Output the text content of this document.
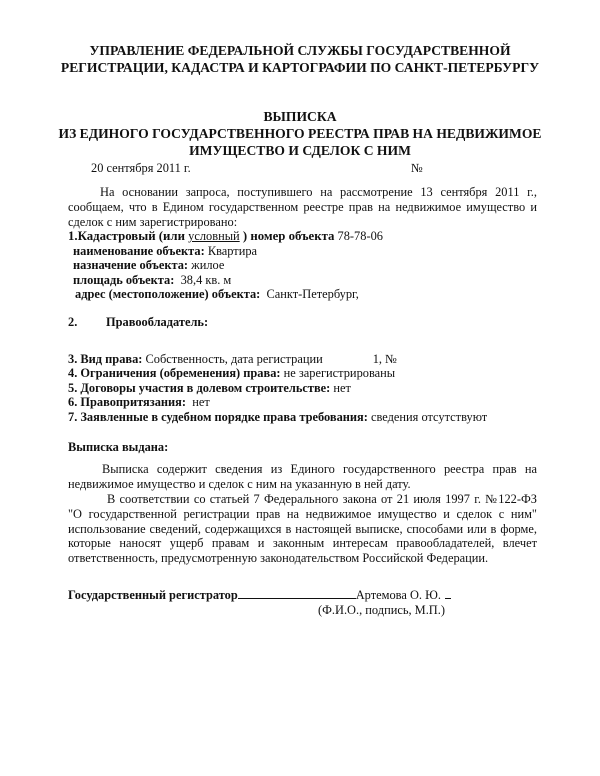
УПРАВЛЕНИЕ ФЕДЕРАЛЬНОЙ СЛУЖБЫ ГОСУДАРСТВЕННОЙ
РЕГИСТРАЦИИ, КАДАСТРА И КАРТОГРАФИИ ПО САНКТ-ПЕТЕРБУРГУ
ВЫПИСКА
ИЗ ЕДИНОГО ГОСУДАРСТВЕННОГО РЕЕСТРА ПРАВ НА НЕДВИЖИМОЕ
ИМУЩЕСТВО И СДЕЛОК С НИМ
20 сентября 2011 г.	№
На основании запроса, поступившего на рассмотрение 13 сентября 2011 г., сообщаем, что в Едином государственном реестре прав на недвижимое имущество и сделок с ним зарегистрировано:
1.Кадастровый (или условный ) номер объекта 78-78-06
наименование объекта: Квартира
назначение объекта: жилое
площадь объекта: 38,4 кв. м
адрес (местоположение) объекта: Санкт-Петербург,
2. Правообладатель:
3. Вид права: Собственность, дата регистрации	1, №
4. Ограничения (обременения) права: не зарегистрированы
5. Договоры участия в долевом строительстве: нет
6. Правопритязания: нет
7. Заявленные в судебном порядке права требования: сведения отсутствуют
Выписка выдана:
Выписка содержит сведения из Единого государственного реестра прав на недвижимое имущество и сделок с ним на указанную в ней дату.
В соответствии со статьей 7 Федерального закона от 21 июля 1997 г. №122-ФЗ "О государственной регистрации прав на недвижимое имущество и сделок с ним" использование сведений, содержащихся в настоящей выписке, способами или в форме, которые наносят ущерб правам и законным интересам правообладателей, влечет ответственность, предусмотренную законодательством Российской Федерации.
Государственный регистратор	Артемова О. Ю.
(Ф.И.О., подпись, М.П.)
